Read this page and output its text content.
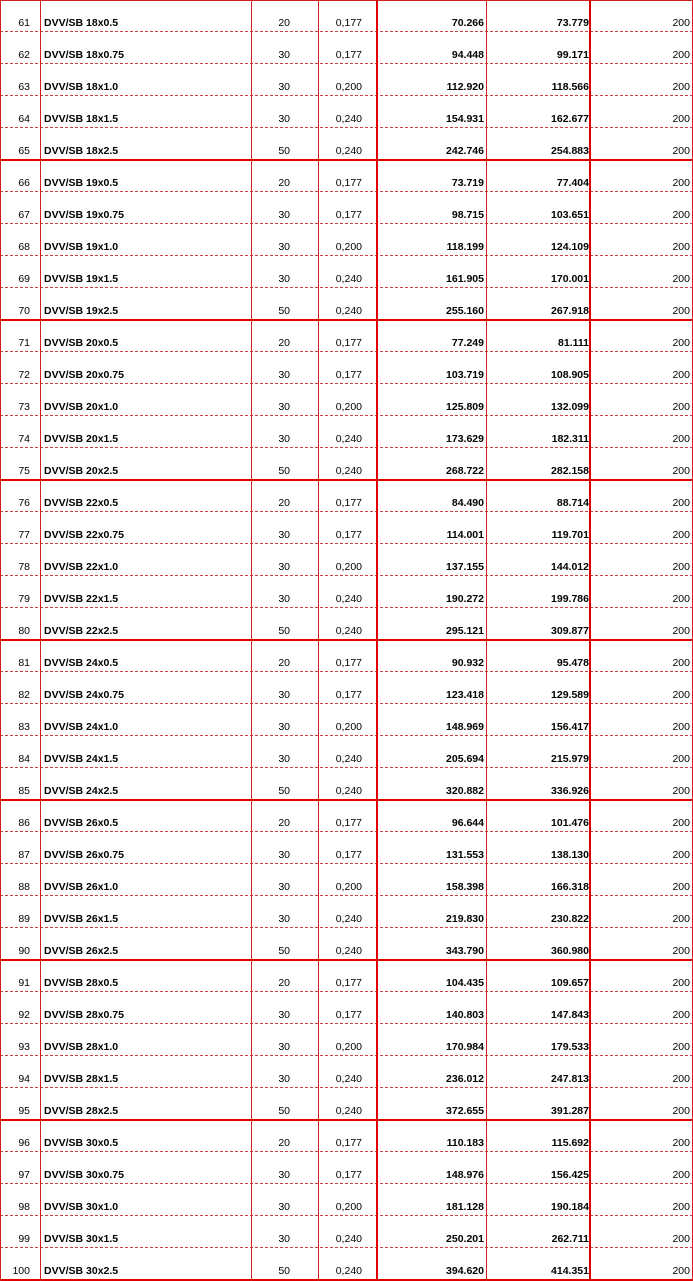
61 DVV/SB 18x0.5	20	0,177	70.266	73.779	200
62 DVV/SB 18x0.75	30	0,177	94.448	99.171	200
63 DVV/SB 18x1.0	30	0,200	112.920	118.566	200
64 DVV/SB 18x1.5	30	0,240	154.931	162.677	200
65 DVV/SB 18x2.5	50	0,240	242.746	254.883	200
66 DVV/SB 19x0.5	20	0,177	73.719	77.404	200
67 DVV/SB 19x0.75	30	0,177	98.715	103.651	200
68 DVV/SB 19x1.0	30	0,200	118.199	124.109	200
69 DVV/SB 19x1.5	30	0,240	161.905	170.001	200
70 DVV/SB 19x2.5	50	0,240	255.160	267.918	200
71 DVV/SB 20x0.5	20	0,177	77.249	81.111	200
72 DVV/SB 20x0.75	30	0,177	103.719	108.905	200
73 DVV/SB 20x1.0	30	0,200	125.809	132.099	200
74 DVV/SB 20x1.5	30	0,240	173.629	182.311	200
75 DVV/SB 20x2.5	50	0,240	268.722	282.158	200
76 DVV/SB 22x0.5	20	0,177	84.490	88.714	200
77 DVV/SB 22x0.75	30	0,177	114.001	119.701	200
78 DVV/SB 22x1.0	30	0,200	137.155	144.012	200
79 DVV/SB 22x1.5	30	0,240	190.272	199.786	200
80 DVV/SB 22x2.5	50	0,240	295.121	309.877	200
81 DVV/SB 24x0.5	20	0,177	90.932	95.478	200
82 DVV/SB 24x0.75	30	0,177	123.418	129.589	200
83 DVV/SB 24x1.0	30	0,200	148.969	156.417	200
84 DVV/SB 24x1.5	30	0,240	205.694	215.979	200
85 DVV/SB 24x2.5	50	0,240	320.882	336.926	200
86 DVV/SB 26x0.5	20	0,177	96.644	101.476	200
87 DVV/SB 26x0.75	30	0,177	131.553	138.130	200
88 DVV/SB 26x1.0	30	0,200	158.398	166.318	200
89 DVV/SB 26x1.5	30	0,240	219.830	230.822	200
90 DVV/SB 26x2.5	50	0,240	343.790	360.980	200
91 DVV/SB 28x0.5	20	0,177	104.435	109.657	200
92 DVV/SB 28x0.75	30	0,177	140.803	147.843	200
93 DVV/SB 28x1.0	30	0,200	170.984	179.533	200
94 DVV/SB 28x1.5	30	0,240	236.012	247.813	200
95 DVV/SB 28x2.5	50	0,240	372.655	391.287	200
96 DVV/SB 30x0.5	20	0,177	110.183	115.692	200
97 DVV/SB 30x0.75	30	0,177	148.976	156.425	200
98 DVV/SB 30x1.0	30	0,200	181.128	190.184	200
99 DVV/SB 30x1.5	30	0,240	250.201	262.711	200
100 DVV/SB 30x2.5	50	0,240	394.620	414.351	200
